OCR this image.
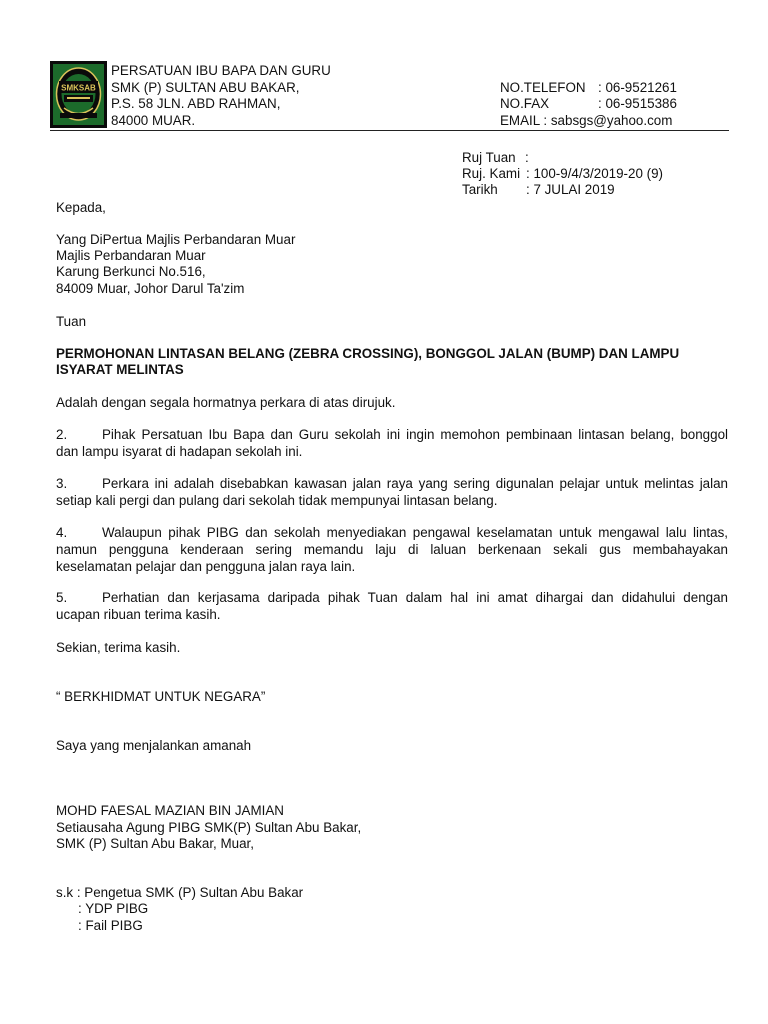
SMKSAB
PERSATUAN IBU BAPA DAN GURU
SMK (P) SULTAN ABU BAKAR,
P.S. 58 JLN. ABD RAHMAN,
84000 MUAR.
NO.TELEFON : 06-9521261
NO.FAX	: 06-9515386
EMAIL : sabsgs@yahoo.com
Ruj Tuan :
Ruj. Kami : 100-9/4/3/2019-20 (9)
Tarikh : 7 JULAI 2019
Kepada,
Yang DiPertua Majlis Perbandaran Muar
Majlis Perbandaran Muar
Karung Berkunci No.516,
84009 Muar, Johor Darul Ta'zim
Tuan
PERMOHONAN LINTASAN BELANG (ZEBRA CROSSING), BONGGOL JALAN (BUMP) DAN LAMPU
ISYARAT MELINTAS
Adalah dengan segala hormatnya perkara di atas dirujuk.
2.	Pihak Persatuan Ibu Bapa dan Guru sekolah ini ingin memohon pembinaan lintasan belang, bonggol
dan lampu isyarat di hadapan sekolah ini.
3.	Perkara ini adalah disebabkan kawasan jalan raya yang sering digunalan pelajar untuk melintas jalan
setiap kali pergi dan pulang dari sekolah tidak mempunyai lintasan belang.
4.	Walaupun pihak PIBG dan sekolah menyediakan pengawal keselamatan untuk mengawal lalu lintas,
namun pengguna kenderaan sering memandu laju di laluan berkenaan sekali gus membahayakan
keselamatan pelajar dan pengguna jalan raya lain.
5.	Perhatian dan kerjasama daripada pihak Tuan dalam hal ini amat dihargai dan didahului dengan
ucapan ribuan terima kasih.
Sekian, terima kasih.
“ BERKHIDMAT UNTUK NEGARA”
Saya yang menjalankan amanah
MOHD FAESAL MAZIAN BIN JAMIAN
Setiausaha Agung PIBG SMK(P) Sultan Abu Bakar,
SMK (P) Sultan Abu Bakar, Muar,
s.k : Pengetua SMK (P) Sultan Abu Bakar
: YDP PIBG
: Fail PIBG
